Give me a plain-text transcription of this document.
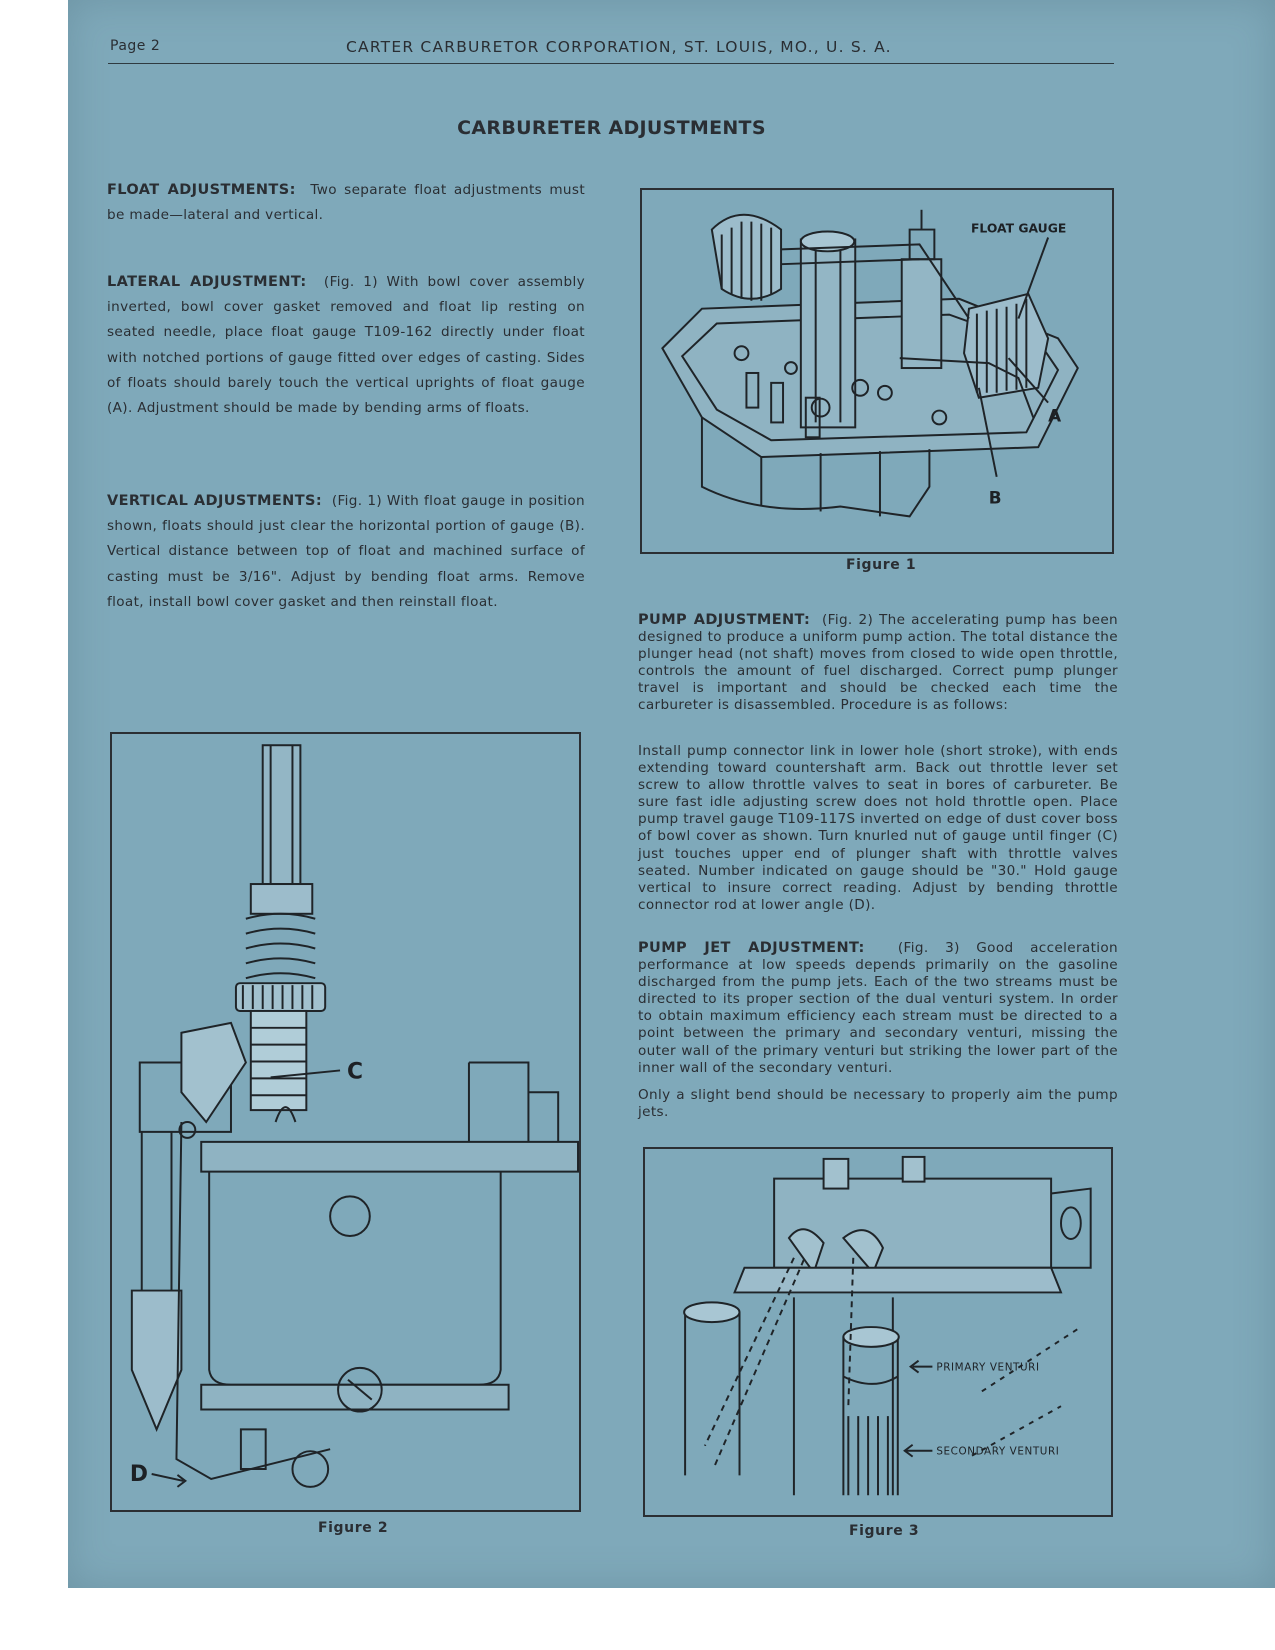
Page 2	CARTER CARBURETOR CORPORATION, ST. LOUIS, MO., U. S. A.
CARBURETER ADJUSTMENTS

FLOAT ADJUSTMENTS: Two separate float adjustments must be made—lateral and vertical.

LATERAL ADJUSTMENT: (Fig. 1) With bowl cover assembly inverted, bowl cover gasket removed and float lip resting on seated needle, place float gauge T109-162 directly under float with notched portions of gauge fitted over edges of casting. Sides of floats should barely touch the vertical uprights of float gauge (A). Adjustment should be made by bending arms of floats.

VERTICAL ADJUSTMENTS: (Fig. 1) With float gauge in position shown, floats should just clear the horizontal portion of gauge (B). Vertical distance between top of float and machined surface of casting must be 3/16". Adjust by bending float arms. Remove float, install bowl cover gasket and then reinstall float.

PUMP ADJUSTMENT: (Fig. 2) The accelerating pump has been designed to produce a uniform pump action. The total distance the plunger head (not shaft) moves from closed to wide open throttle, controls the amount of fuel discharged. Correct pump plunger travel is important and should be checked each time the carbureter is disassembled. Procedure is as follows:

Install pump connector link in lower hole (short stroke), with ends extending toward countershaft arm. Back out throttle lever set screw to allow throttle valves to seat in bores of carbureter. Be sure fast idle adjusting screw does not hold throttle open. Place pump travel gauge T109-117S inverted on edge of dust cover boss of bowl cover as shown. Turn knurled nut of gauge until finger (C) just touches upper end of plunger shaft with throttle valves seated. Number indicated on gauge should be "30." Hold gauge vertical to insure correct reading. Adjust by bending throttle connector rod at lower angle (D).

PUMP JET ADJUSTMENT: (Fig. 3) Good acceleration performance at low speeds depends primarily on the gasoline discharged from the pump jets. Each of the two streams must be directed to its proper section of the dual venturi system. In order to obtain maximum efficiency each stream must be directed to a point between the primary and secondary venturi, missing the outer wall of the primary venturi but striking the lower part of the inner wall of the secondary venturi.

Only a slight bend should be necessary to properly aim the pump jets.

FLOAT GAUGE
A
B
Figure 1
C
D
Figure 2
PRIMARY VENTURI
SECONDARY VENTURI
Figure 3
